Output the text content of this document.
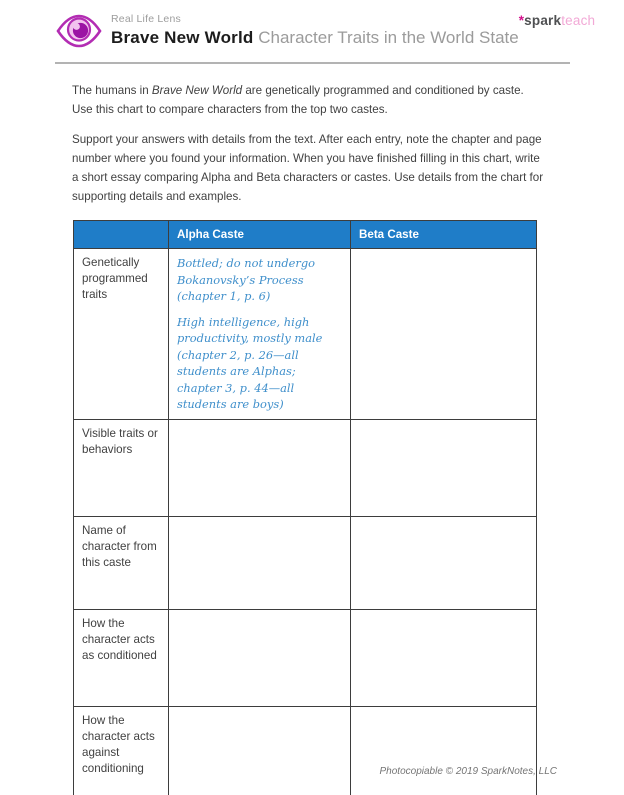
Real Life Lens
Brave New World Character Traits in the World State
*sparkteach

The humans in Brave New World are genetically programmed and conditioned by caste. Use this chart to compare characters from the top two castes.

Support your answers with details from the text. After each entry, note the chapter and page number where you found your information. When you have finished filling in this chart, write a short essay comparing Alpha and Beta characters or castes. Use details from the chart for supporting details and examples.

	Alpha Caste	Beta Caste
Genetically programmed traits	Bottled; do not undergo Bokanovsky’s Process (chapter 1, p. 6)

High intelligence, high productivity, mostly male (chapter 2, p. 26—all students are Alphas; chapter 3, p. 44—all students are boys)	

Visible traits or behaviors		
Name of character from this caste		
How the character acts as conditioned		
How the character acts against conditioning			Photocopiable © 2019 SparkNotes, LLC
